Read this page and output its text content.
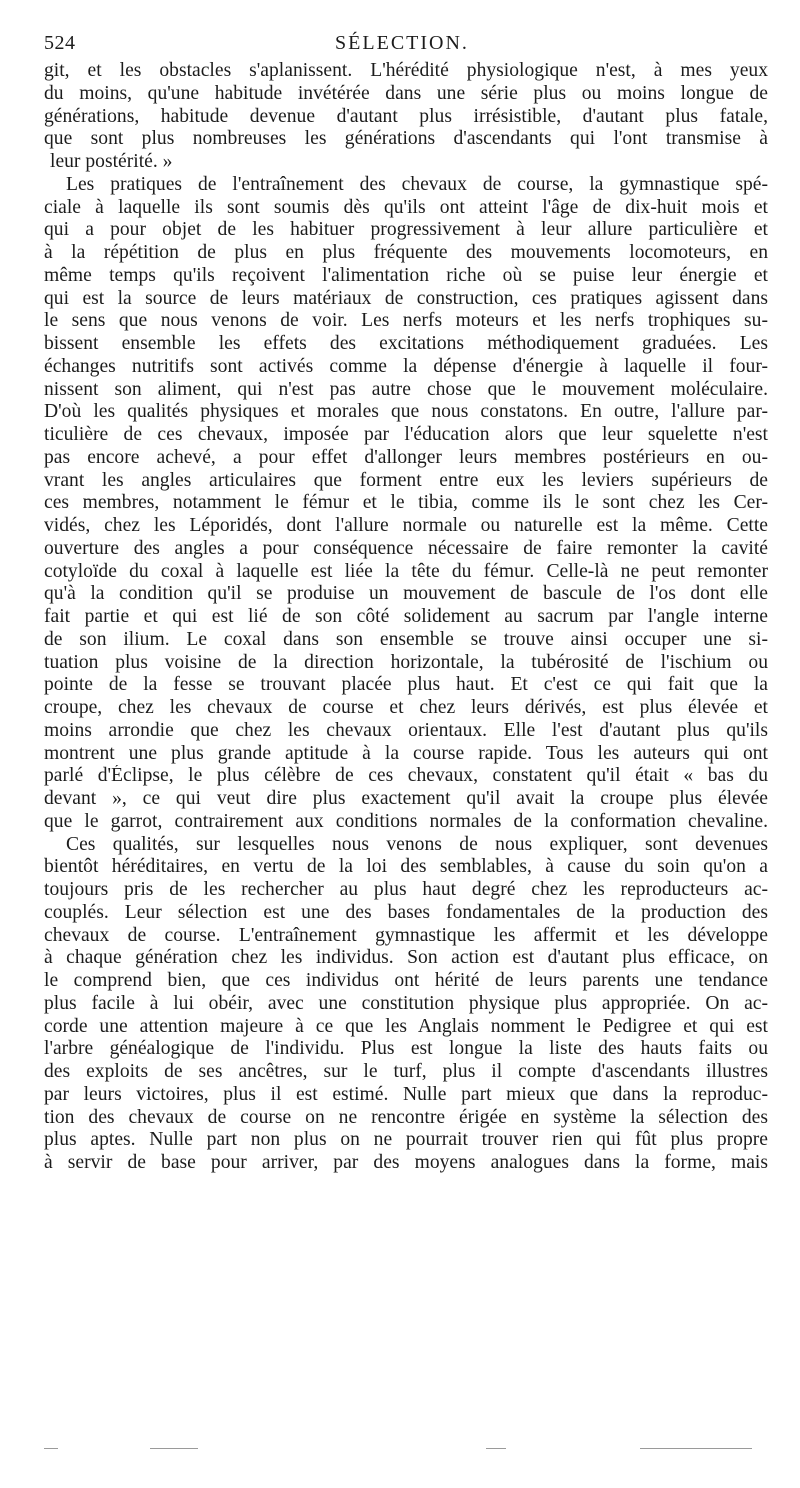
524	SÉLECTION.
git, et les obstacles s'aplanissent. L'hérédité physiologique n'est, à mes yeux
du moins, qu'une habitude invétérée dans une série plus ou moins longue de
générations, habitude devenue d'autant plus irrésistible, d'autant plus fatale,
que sont plus nombreuses les générations d'ascendants qui l'ont transmise à
leur postérité. »
Les pratiques de l'entraînement des chevaux de course, la gymnastique spé-
ciale à laquelle ils sont soumis dès qu'ils ont atteint l'âge de dix-huit mois et
qui a pour objet de les habituer progressivement à leur allure particulière et
à la répétition de plus en plus fréquente des mouvements locomoteurs, en
même temps qu'ils reçoivent l'alimentation riche où se puise leur énergie et
qui est la source de leurs matériaux de construction, ces pratiques agissent dans
le sens que nous venons de voir. Les nerfs moteurs et les nerfs trophiques su-
bissent ensemble les effets des excitations méthodiquement graduées. Les
échanges nutritifs sont activés comme la dépense d'énergie à laquelle il four-
nissent son aliment, qui n'est pas autre chose que le mouvement moléculaire.
D'où les qualités physiques et morales que nous constatons. En outre, l'allure par-
ticulière de ces chevaux, imposée par l'éducation alors que leur squelette n'est
pas encore achevé, a pour effet d'allonger leurs membres postérieurs en ou-
vrant les angles articulaires que forment entre eux les leviers supérieurs de
ces membres, notamment le fémur et le tibia, comme ils le sont chez les Cer-
vidés, chez les Léporidés, dont l'allure normale ou naturelle est la même. Cette
ouverture des angles a pour conséquence nécessaire de faire remonter la cavité
cotyloïde du coxal à laquelle est liée la tête du fémur. Celle-là ne peut remonter
qu'à la condition qu'il se produise un mouvement de bascule de l'os dont elle
fait partie et qui est lié de son côté solidement au sacrum par l'angle interne
de son ilium. Le coxal dans son ensemble se trouve ainsi occuper une si-
tuation plus voisine de la direction horizontale, la tubérosité de l'ischium ou
pointe de la fesse se trouvant placée plus haut. Et c'est ce qui fait que la
croupe, chez les chevaux de course et chez leurs dérivés, est plus élevée et
moins arrondie que chez les chevaux orientaux. Elle l'est d'autant plus qu'ils
montrent une plus grande aptitude à la course rapide. Tous les auteurs qui ont
parlé d'Éclipse, le plus célèbre de ces chevaux, constatent qu'il était « bas du
devant », ce qui veut dire plus exactement qu'il avait la croupe plus élevée
que le garrot, contrairement aux conditions normales de la conformation chevaline.
Ces qualités, sur lesquelles nous venons de nous expliquer, sont devenues
bientôt héréditaires, en vertu de la loi des semblables, à cause du soin qu'on a
toujours pris de les rechercher au plus haut degré chez les reproducteurs ac-
couplés. Leur sélection est une des bases fondamentales de la production des
chevaux de course. L'entraînement gymnastique les affermit et les développe
à chaque génération chez les individus. Son action est d'autant plus efficace, on
le comprend bien, que ces individus ont hérité de leurs parents une tendance
plus facile à lui obéir, avec une constitution physique plus appropriée. On ac-
corde une attention majeure à ce que les Anglais nomment le Pedigree et qui est
l'arbre généalogique de l'individu. Plus est longue la liste des hauts faits ou
des exploits de ses ancêtres, sur le turf, plus il compte d'ascendants illustres
par leurs victoires, plus il est estimé. Nulle part mieux que dans la reproduc-
tion des chevaux de course on ne rencontre érigée en système la sélection des
plus aptes. Nulle part non plus on ne pourrait trouver rien qui fût plus propre
à servir de base pour arriver, par des moyens analogues dans la forme, mais
